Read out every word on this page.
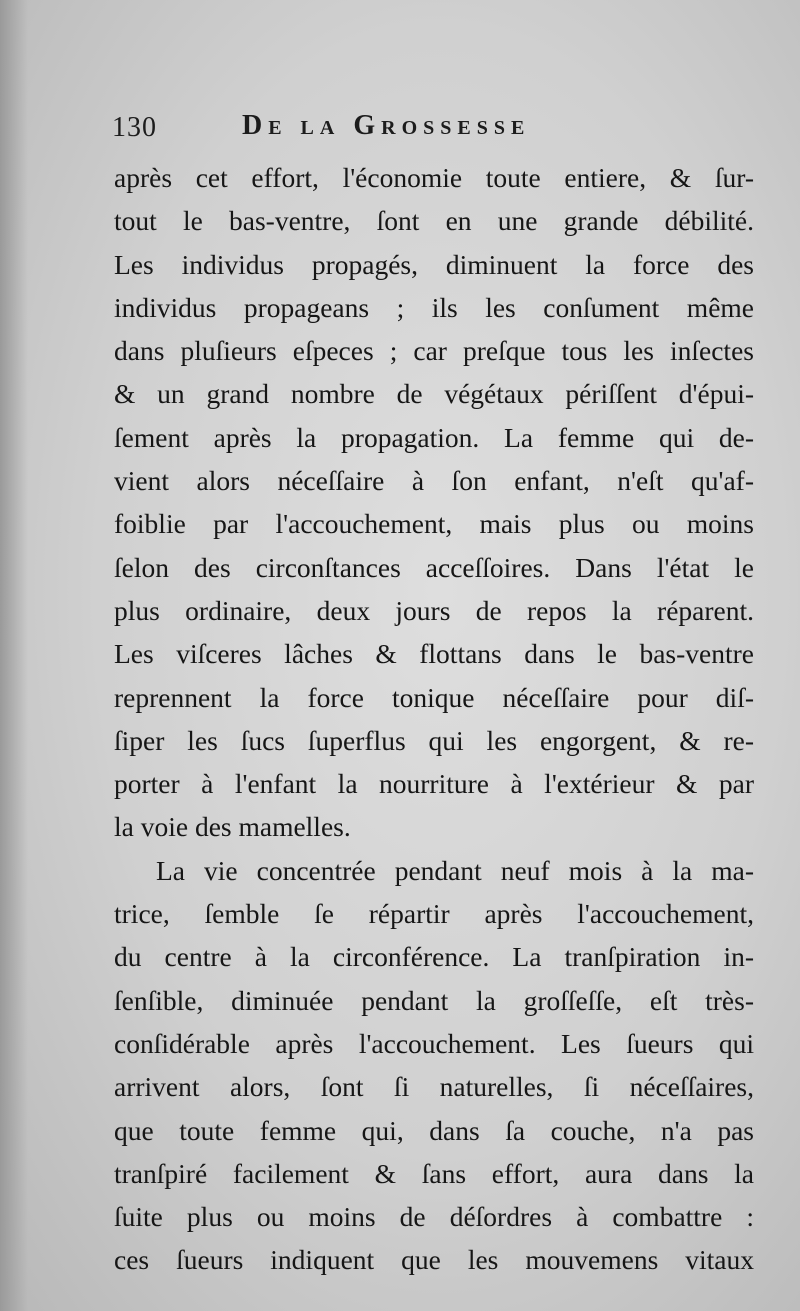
130	De la Grossesse
après cet effort, l'économie toute entiere, & ſur-
tout le bas-ventre, ſont en une grande débilité.
Les individus propagés, diminuent la force des
individus propageans ; ils les conſument même
dans pluſieurs eſpeces ; car preſque tous les inſectes
& un grand nombre de végétaux périſſent d'épui-
ſement après la propagation. La femme qui de-
vient alors néceſſaire à ſon enfant, n'eſt qu'af-
foiblie par l'accouchement, mais plus ou moins
ſelon des circonſtances acceſſoires. Dans l'état le
plus ordinaire, deux jours de repos la réparent.
Les viſceres lâches & flottans dans le bas-ventre
reprennent la force tonique néceſſaire pour diſ-
ſiper les ſucs ſuperflus qui les engorgent, & re-
porter à l'enfant la nourriture à l'extérieur & par
la voie des mamelles.
La vie concentrée pendant neuf mois à la ma-
trice, ſemble ſe répartir après l'accouchement,
du centre à la circonférence. La tranſpiration in-
ſenſible, diminuée pendant la groſſeſſe, eſt très-
conſidérable après l'accouchement. Les ſueurs qui
arrivent alors, ſont ſi naturelles, ſi néceſſaires,
que toute femme qui, dans ſa couche, n'a pas
tranſpiré facilement & ſans effort, aura dans la
ſuite plus ou moins de déſordres à combattre :
ces ſueurs indiquent que les mouvemens vitaux
